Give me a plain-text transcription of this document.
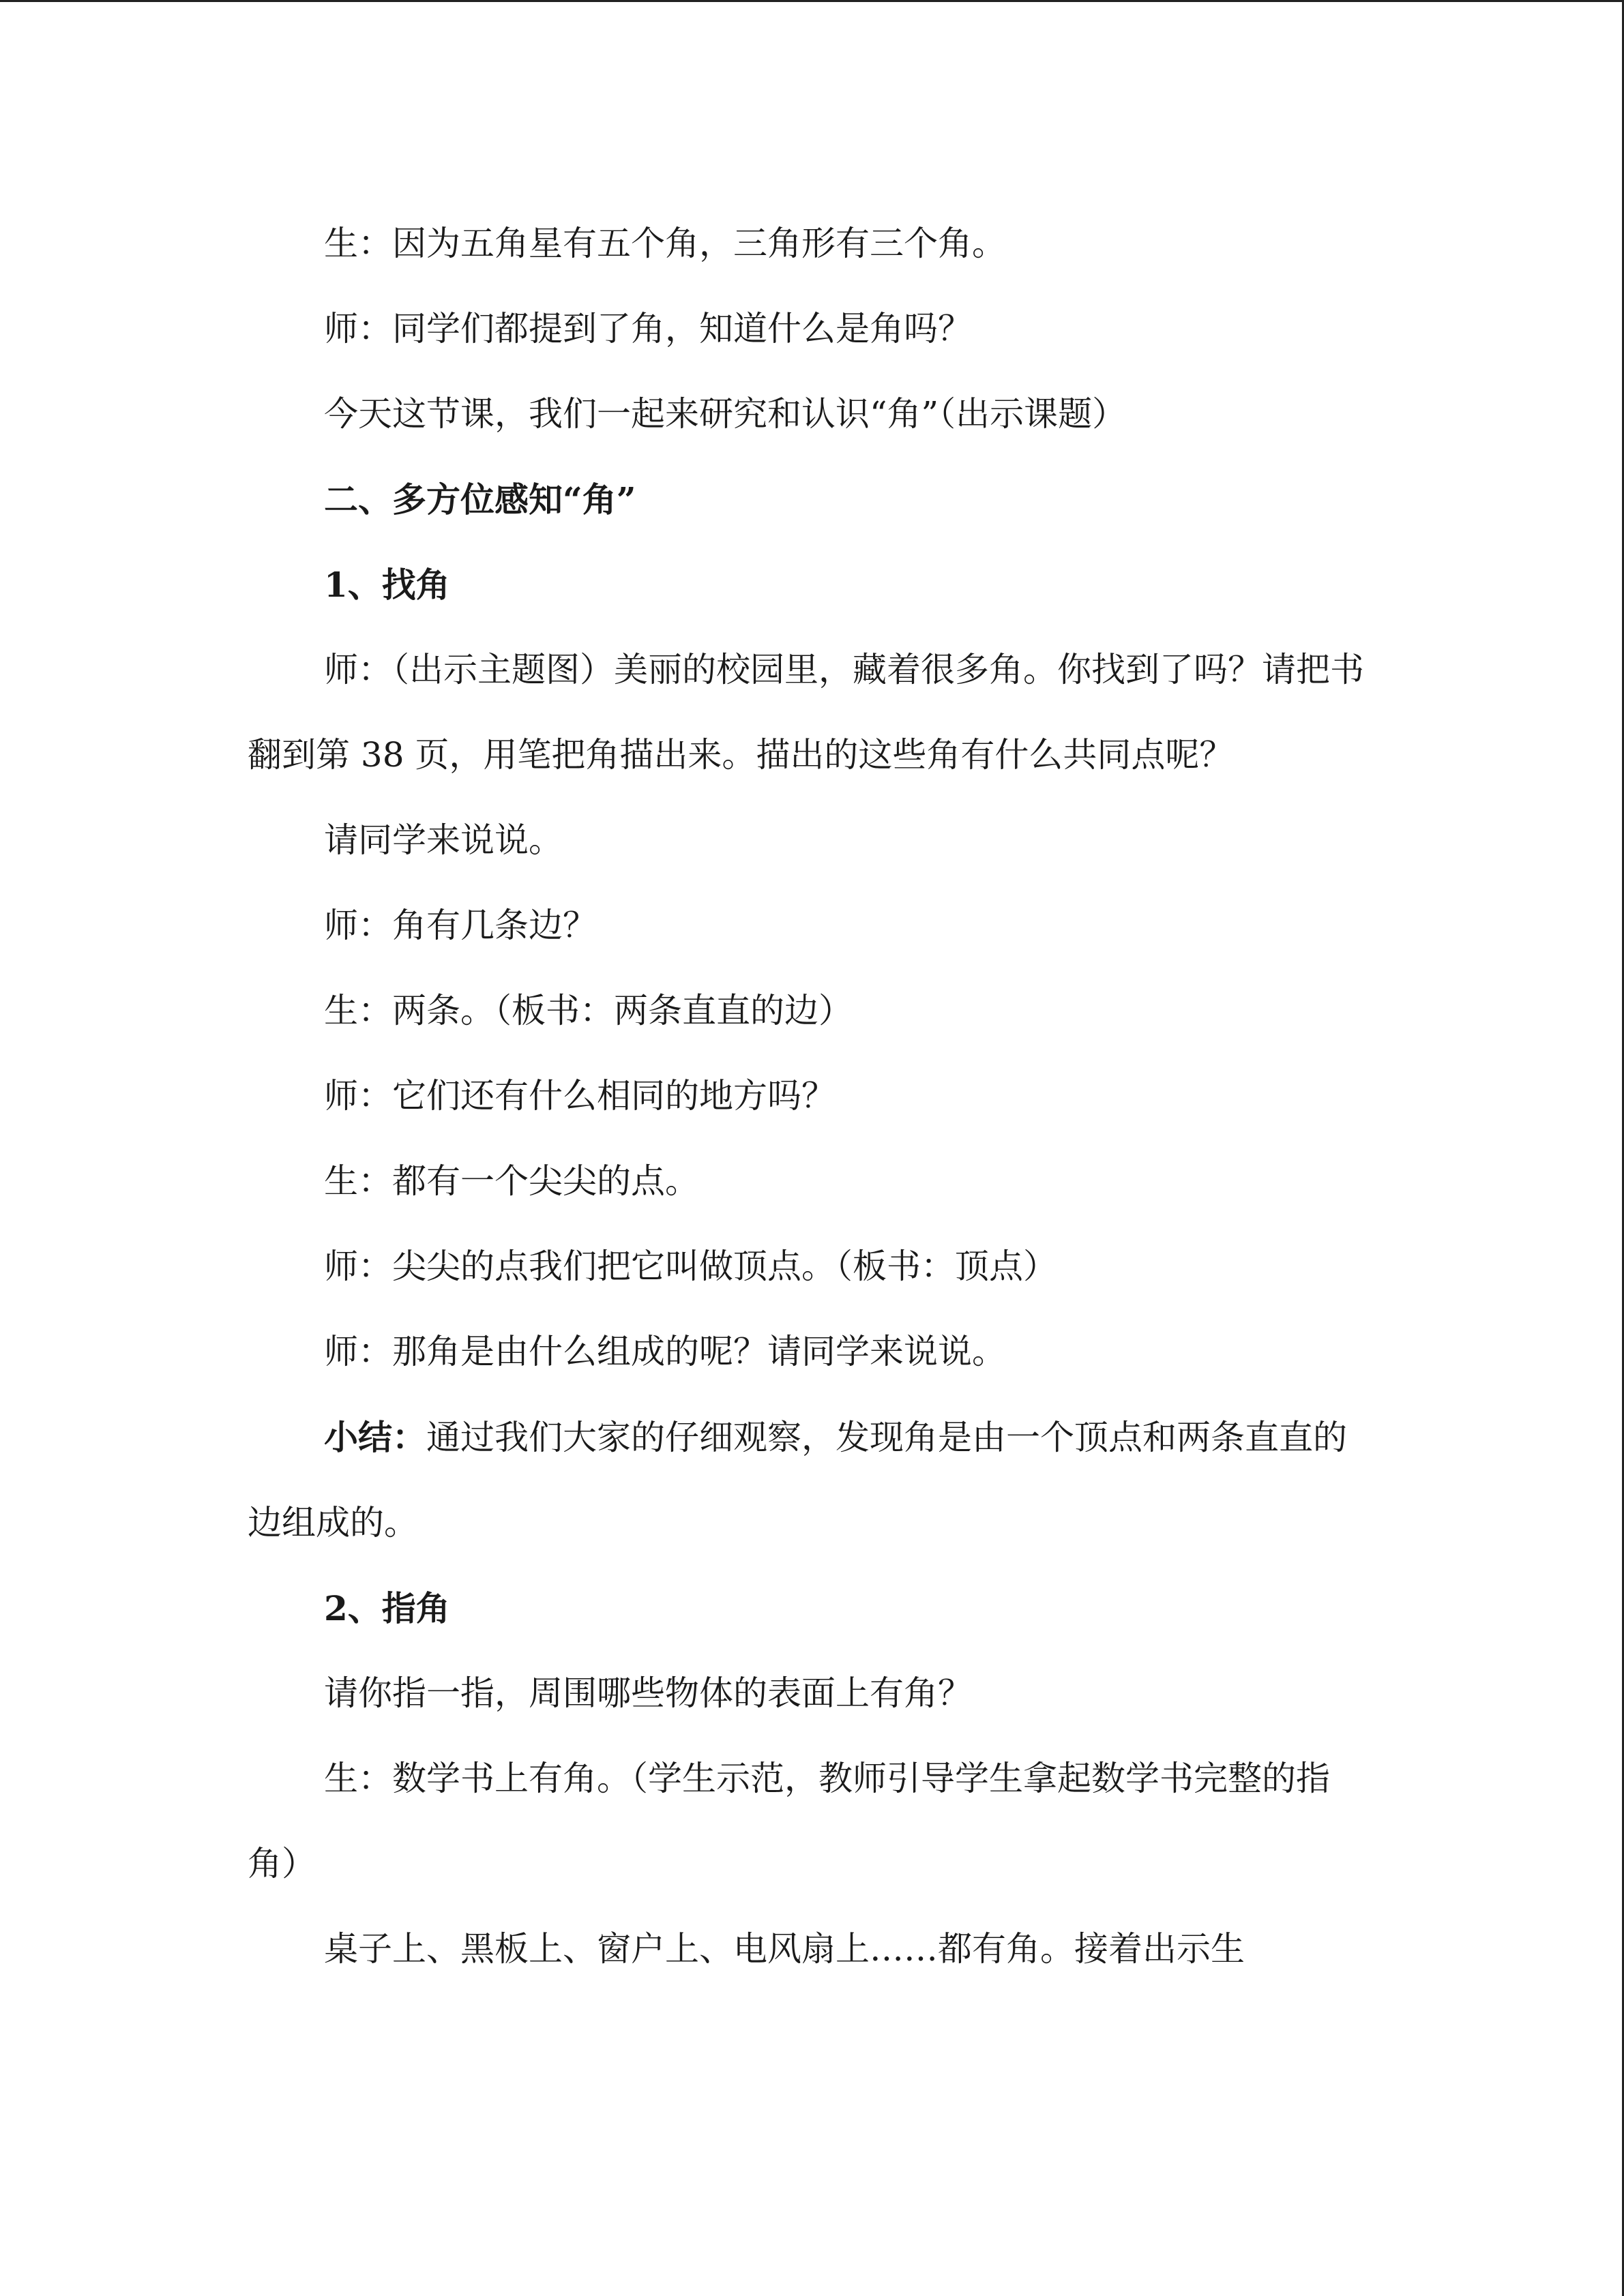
生：因为五角星有五个角，三角形有三个角。

师：同学们都提到了角，知道什么是角吗？

今天这节课，我们一起来研究和认识“角”（出示课题）

二、多方位感知“角”

1、找角

师：（出示主题图）美丽的校园里，藏着很多角。你找到了吗？请把书翻到第 38 页，用笔把角描出来。描出的这些角有什么共同点呢？

请同学来说说。

师：角有几条边？

生：两条。（板书：两条直直的边）

师：它们还有什么相同的地方吗？

生：都有一个尖尖的点。

师：尖尖的点我们把它叫做顶点。（板书：顶点）

师：那角是由什么组成的呢？请同学来说说。

小结：通过我们大家的仔细观察，发现角是由一个顶点和两条直直的边组成的。

2、指角

请你指一指，周围哪些物体的表面上有角？

生：数学书上有角。（学生示范，教师引导学生拿起数学书完整的指角）

桌子上、黑板上、窗户上、电风扇上……都有角。接着出示生
